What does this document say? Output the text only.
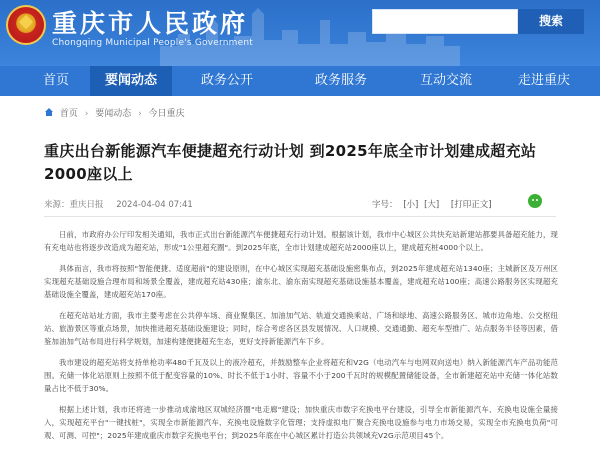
重庆市人民政府
Chongqing Municipal People's Government
搜索
首页	要闻动态	政务公开	政务服务	互动交流	走进重庆
首页 › 要闻动态 › 今日重庆
重庆出台新能源汽车便捷超充行动计划 到2025年底全市计划建成超充站2000座以上
来源：重庆日报 2024-04-04 07:41	字号： [小] [大] [打印正文]

日前，市政府办公厅印发相关通知，我市正式出台新能源汽车便捷超充行动计划。根据该计划，我市中心城区公共快充站新建站都要具备超充能力，现有充电站也将逐步改造成为超充站，形成"1公里超充圈"。到2025年底，全市计划建成超充站2000座以上，建成超充桩4000个以上。

具体而言，我市将按照"智能便捷、适度超前"的建设原则，在中心城区实现超充基础设施密集布点，到2025年建成超充站1340座；主城新区及万州区实现超充基础设施合理布局和场景全覆盖，建成超充站430座；渝东北、渝东南实现超充基础设施基本覆盖，建成超充站100座；高速公路服务区实现超充基础设施全覆盖，建成超充站170座。

在超充站站址方面，我市主要考虑在公共停车场、商业聚集区、加油加气站、轨道交通换乘站、广场和绿地、高速公路服务区、城市边角地、公交枢纽站、旅游景区等重点场景，加快推进超充基础设施建设；同时，综合考虑各区县发展情况、人口规模、交通通勤、超充车型推广、站点服务半径等因素，借鉴加油加气站布局进行科学规划，加速构建便捷超充生态，更好支持新能源汽车下乡。

我市建设的超充站将支持单枪功率480千瓦及以上的液冷超充，并鼓励整车企业将超充和V2G（电动汽车与电网双向送电）纳入新能源汽车产品功能范围。充储一体化站原则上按照不低于配变容量的10%、时长不低于1小时、容量不小于200千瓦时的规模配置储能设备，全市新建超充站中充储一体化站数量占比不低于30%。

根据上述计划，我市还将进一步推动成渝地区双城经济圈"电走廊"建设；加快重庆市数字充换电平台建设，引导全市新能源汽车、充换电设施全量接入，实现超充平台"一键找桩"，实现全市新能源汽车、充换电设施数字化管理；支持虚拟电厂聚合充换电设施参与电力市场交易，实现全市充换电负荷"可观、可测、可控"；2025年建成重庆市数字充换电平台；到2025年底在中心城区累计打造公共领域充V2G示范项目45个。
